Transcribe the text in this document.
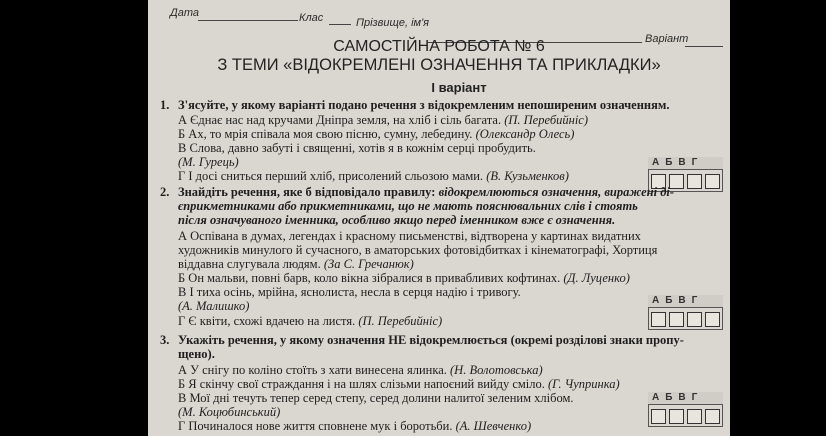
Дата	Клас	Прізвище, ім'я
Варіант
САМОСТІЙНА РОБОТА № 6
З ТЕМИ «ВІДОКРЕМЛЕНІ ОЗНАЧЕННЯ ТА ПРИКЛАДКИ»
І варіант
1. З'ясуйте, у якому варіанті подано речення з відокремленим непоширеним означенням.
А Єднає нас над кручами Дніпра земля, на хліб і сіль багата. (П. Перебийніс)
Б Ах, то мрія співала моя свою пісню, сумну, лебедину. (Олександр Олесь)
В Слова, давно забуті і священні, хотів я в кожнім серці пробудить.
(М. Гурець)
Г І досі сниться перший хліб, присолений сльозою мами. (В. Кузьменков)
А Б В Г
2. Знайдіть речення, яке б відповідало правилу: відокремлюються означення, виражені ді-
єприкметниками або прикметниками, що не мають пояснювальних слів і стоять
після означуваного іменника, особливо якщо перед іменником вже є означення.
А Оспівана в думах, легендах і красному письменстві, відтворена у картинах видатних
художників минулого й сучасного, в аматорських фотовідбитках і кінематографі, Хортиця
віддавна слугувала людям. (За С. Гречанюк)
Б Он мальви, повні барв, коло вікна зібралися в привабливих кофтинах. (Д. Луценко)
В І тиха осінь, мрійна, яснолиста, несла в серця надію і тривогу.
(А. Малишко)
Г Є квіти, схожі вдачею на листя. (П. Перебийніс)
А Б В Г
3. Укажіть речення, у якому означення НЕ відокремлюється (окремі розділові знаки пропу-
щено).
А У снігу по коліно стоїть з хати винесена ялинка. (Н. Волотовська)
Б Я скінчу свої страждання і на шлях слізьми напоєний вийду сміло. (Г. Чупринка)
В Мої дні течуть тепер серед степу, серед долини налитої зеленим хлібом.
(М. Коцюбинський)
Г Починалося нове життя сповнене мук і боротьби. (А. Шевченко)
А Б В Г
